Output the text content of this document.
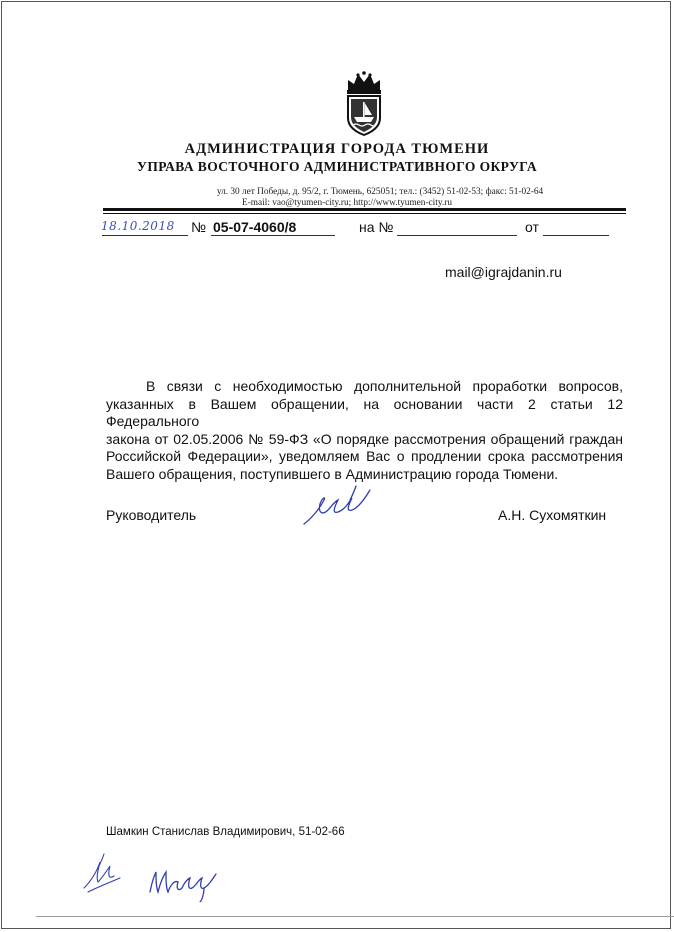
АДМИНИСТРАЦИЯ ГОРОДА ТЮМЕНИ
УПРАВА ВОСТОЧНОГО АДМИНИСТРАТИВНОГО ОКРУГА
ул. 30 лет Победы, д. 95/2, г. Тюмень, 625051; тел.: (3452) 51-02-53; факс: 51-02-64
E-mail: vao@tyumen-city.ru; http://www.tyumen-city.ru
18.10.2018	№ 05-07-4060/8	на №	от
mail@igrajdanin.ru
В связи с необходимостью дополнительной проработки вопросов,
указанных в Вашем обращении, на основании части 2 статьи 12 Федерального
закона от 02.05.2006 № 59-ФЗ «О порядке рассмотрения обращений граждан
Российской Федерации», уведомляем Вас о продлении срока рассмотрения
Вашего обращения, поступившего в Администрацию города Тюмени.
Руководитель	А.Н. Сухомяткин
Шамкин Станислав Владимирович, 51-02-66
